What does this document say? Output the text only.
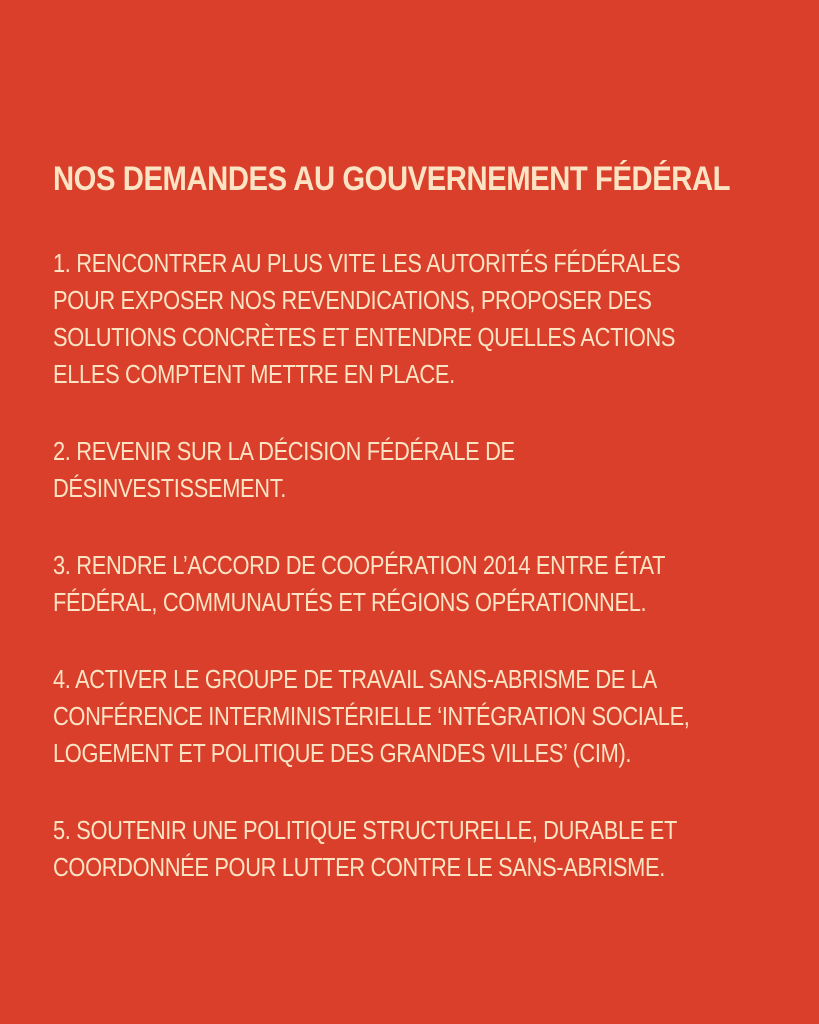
NOS DEMANDES AU GOUVERNEMENT FÉDÉRAL
1. RENCONTRER AU PLUS VITE LES AUTORITÉS FÉDÉRALES POUR EXPOSER NOS REVENDICATIONS, PROPOSER DES SOLUTIONS CONCRÈTES ET ENTENDRE QUELLES ACTIONS ELLES COMPTENT METTRE EN PLACE.
2. REVENIR SUR LA DÉCISION FÉDÉRALE DE DÉSINVESTISSEMENT.
3. RENDRE L’ACCORD DE COOPÉRATION 2014 ENTRE ÉTAT FÉDÉRAL, COMMUNAUTÉS ET RÉGIONS OPÉRATIONNEL.
4. ACTIVER LE GROUPE DE TRAVAIL SANS-ABRISME DE LA CONFÉRENCE INTERMINISTÉRIELLE ‘INTÉGRATION SOCIALE, LOGEMENT ET POLITIQUE DES GRANDES VILLES’ (CIM).
5. SOUTENIR UNE POLITIQUE STRUCTURELLE, DURABLE ET COORDONNÉE POUR LUTTER CONTRE LE SANS-ABRISME.
